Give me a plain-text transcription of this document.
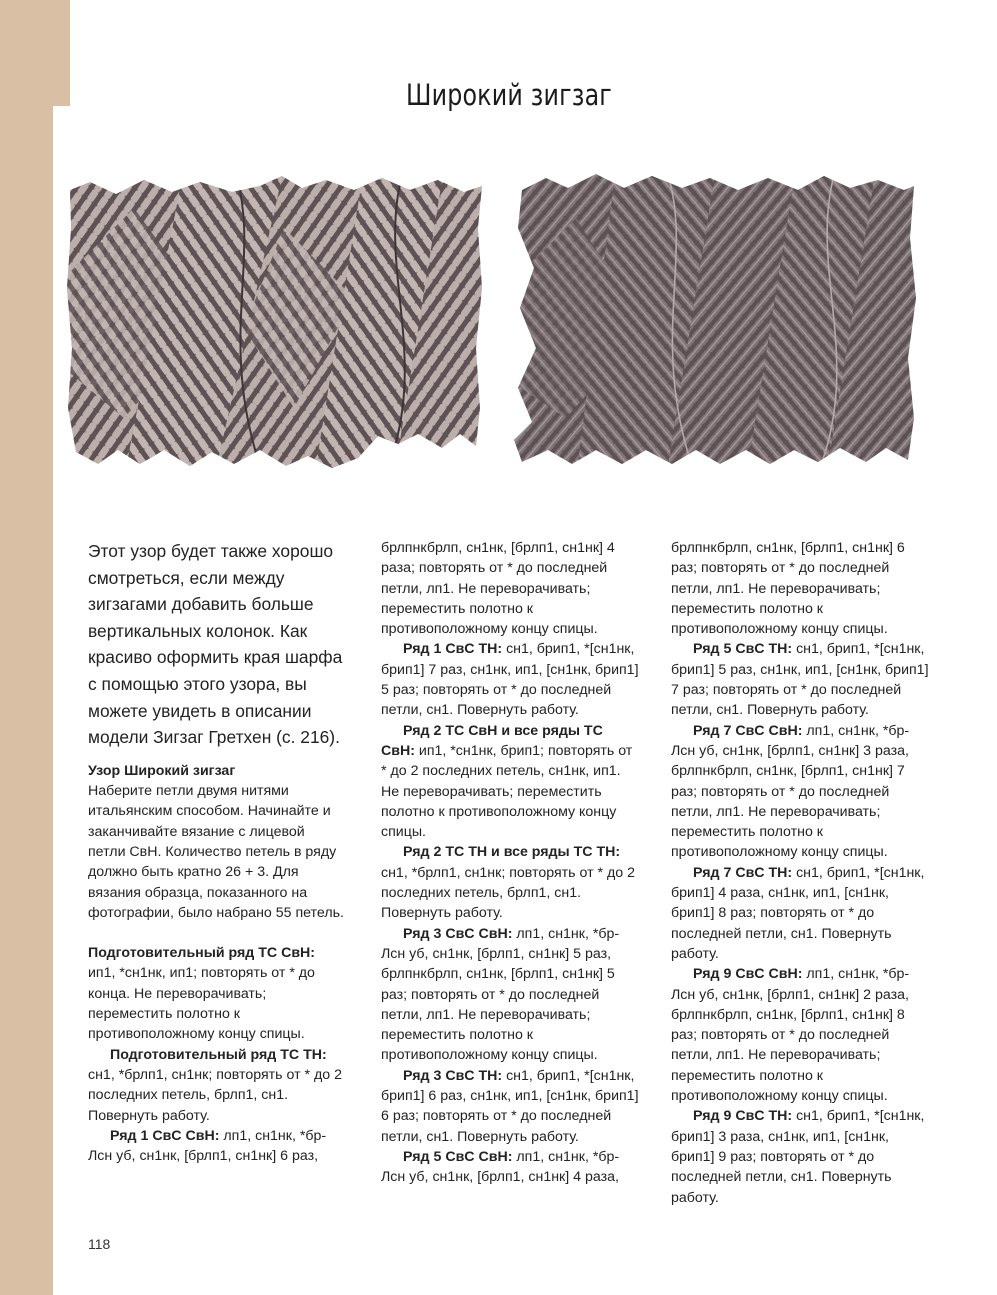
Широкий зигзаг

Этот узор будет также хорошо смотреться, если между зигзагами добавить больше вертикальных колонок. Как красиво оформить края шарфа с помощью этого узора, вы можете увидеть в описании модели Зигзаг Гретхен (с. 216).

Узор Широкий зигзаг

Наберите петли двумя нитями итальянским способом. Начинайте и заканчивайте вязание с лицевой петли СвН. Количество петель в ряду должно быть кратно 26 + 3. Для вязания образца, показанного на фотографии, было набрано 55 петель.

Подготовительный ряд ТС СвН: ип1, *сн1нк, ип1; повторять от * до конца. Не переворачивать; переместить полотно к противоположному концу спицы.

Подготовительный ряд ТС ТН: сн1, *брлп1, сн1нк; повторять от * до 2 последних петель, брлп1, сн1. Повернуть работу.

Ряд 1 СвС СвН: лп1, сн1нк, *бр-Лсн уб, сн1нк, [брлп1, сн1нк] 6 раз,

брлпнкбрлп, сн1нк, [брлп1, сн1нк] 4 раза; повторять от * до последней петли, лп1. Не переворачивать; переместить полотно к противоположному концу спицы.

Ряд 1 СвС ТН: сн1, брип1, *[сн1нк, брип1] 7 раз, сн1нк, ип1, [сн1нк, брип1] 5 раз; повторять от * до последней петли, сн1. Повернуть работу.

Ряд 2 ТС СвН и все ряды ТС СвН: ип1, *сн1нк, брип1; повторять от * до 2 последних петель, сн1нк, ип1. Не переворачивать; переместить полотно к противоположному концу спицы.

Ряд 2 ТС ТН и все ряды ТС ТН: сн1, *брлп1, сн1нк; повторять от * до 2 последних петель, брлп1, сн1. Повернуть работу.

Ряд 3 СвС СвН: лп1, сн1нк, *бр-Лсн уб, сн1нк, [брлп1, сн1нк] 5 раз, брлпнкбрлп, сн1нк, [брлп1, сн1нк] 5 раз; повторять от * до последней петли, лп1. Не переворачивать; переместить полотно к противоположному концу спицы.

Ряд 3 СвС ТН: сн1, брип1, *[сн1нк, брип1] 6 раз, сн1нк, ип1, [сн1нк, брип1] 6 раз; повторять от * до последней петли, сн1. Повернуть работу.

Ряд 5 СвС СвН: лп1, сн1нк, *бр-Лсн уб, сн1нк, [брлп1, сн1нк] 4 раза,

брлпнкбрлп, сн1нк, [брлп1, сн1нк] 6 раз; повторять от * до последней петли, лп1. Не переворачивать; переместить полотно к противоположному концу спицы.

Ряд 5 СвС ТН: сн1, брип1, *[сн1нк, брип1] 5 раз, сн1нк, ип1, [сн1нк, брип1] 7 раз; повторять от * до последней петли, сн1. Повернуть работу.

Ряд 7 СвС СвН: лп1, сн1нк, *бр-Лсн уб, сн1нк, [брлп1, сн1нк] 3 раза, брлпнкбрлп, сн1нк, [брлп1, сн1нк] 7 раз; повторять от * до последней петли, лп1. Не переворачивать; переместить полотно к противоположному концу спицы.

Ряд 7 СвС ТН: сн1, брип1, *[сн1нк, брип1] 4 раза, сн1нк, ип1, [сн1нк, брип1] 8 раз; повторять от * до последней петли, сн1. Повернуть работу.

Ряд 9 СвС СвН: лп1, сн1нк, *бр-Лсн уб, сн1нк, [брлп1, сн1нк] 2 раза, брлпнкбрлп, сн1нк, [брлп1, сн1нк] 8 раз; повторять от * до последней петли, лп1. Не переворачивать; переместить полотно к противоположному концу спицы.

Ряд 9 СвС ТН: сн1, брип1, *[сн1нк, брип1] 3 раза, сн1нк, ип1, [сн1нк, брип1] 9 раз; повторять от * до последней петли, сн1. Повернуть работу.

118
